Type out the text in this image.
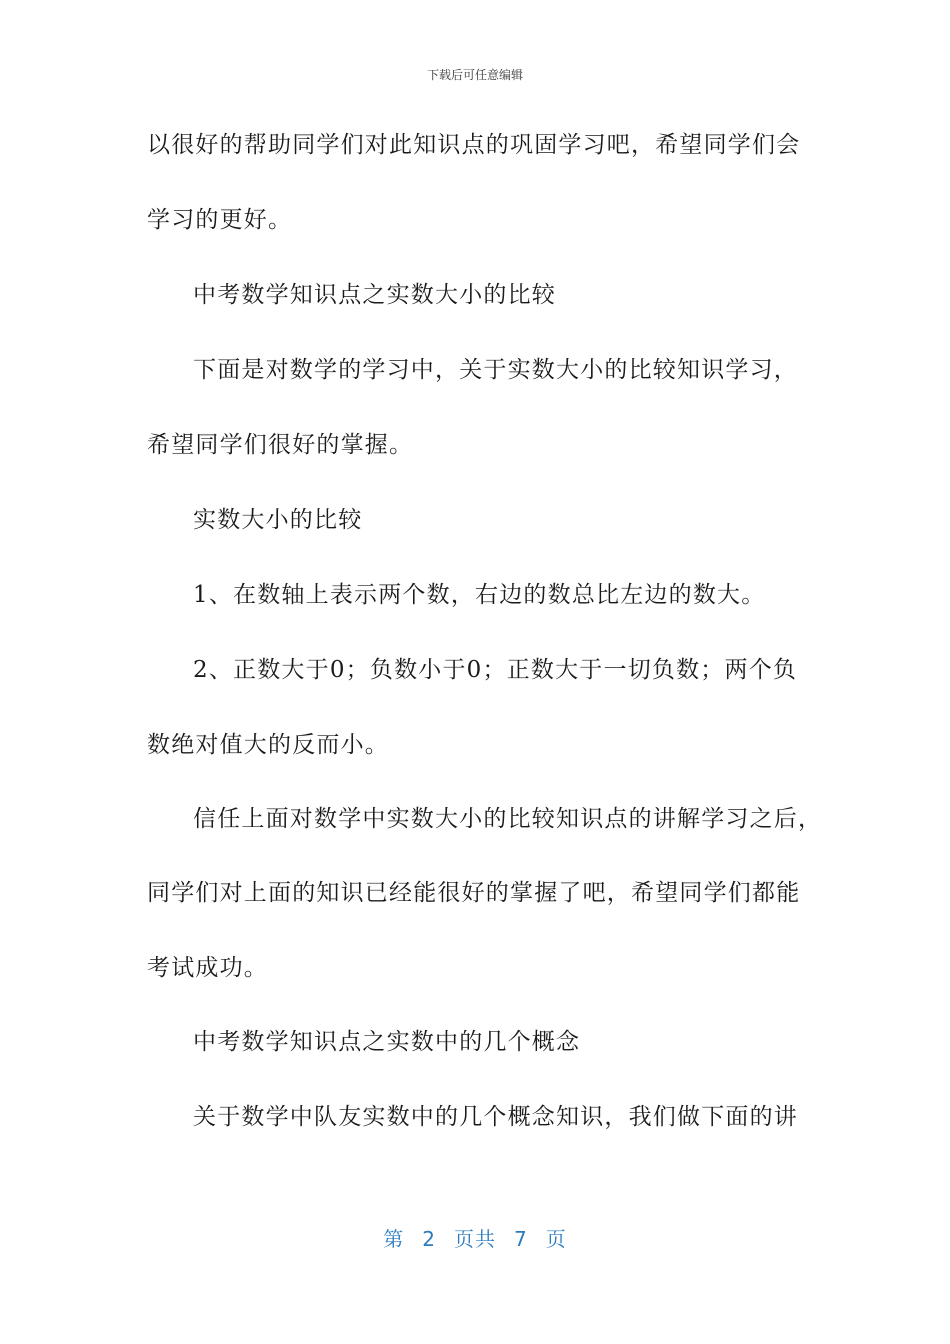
下载后可任意编辑
以很好的帮助同学们对此知识点的巩固学习吧，希望同学们会
学习的更好。
中考数学知识点之实数大小的比较
下面是对数学的学习中，关于实数大小的比较知识学习，
希望同学们很好的掌握。
实数大小的比较
1、在数轴上表示两个数，右边的数总比左边的数大。
2、正数大于0；负数小于0；正数大于一切负数；两个负
数绝对值大的反而小。
信任上面对数学中实数大小的比较知识点的讲解学习之后，
同学们对上面的知识已经能很好的掌握了吧，希望同学们都能
考试成功。
中考数学知识点之实数中的几个概念
关于数学中队友实数中的几个概念知识，我们做下面的讲
第 2 页共 7 页
